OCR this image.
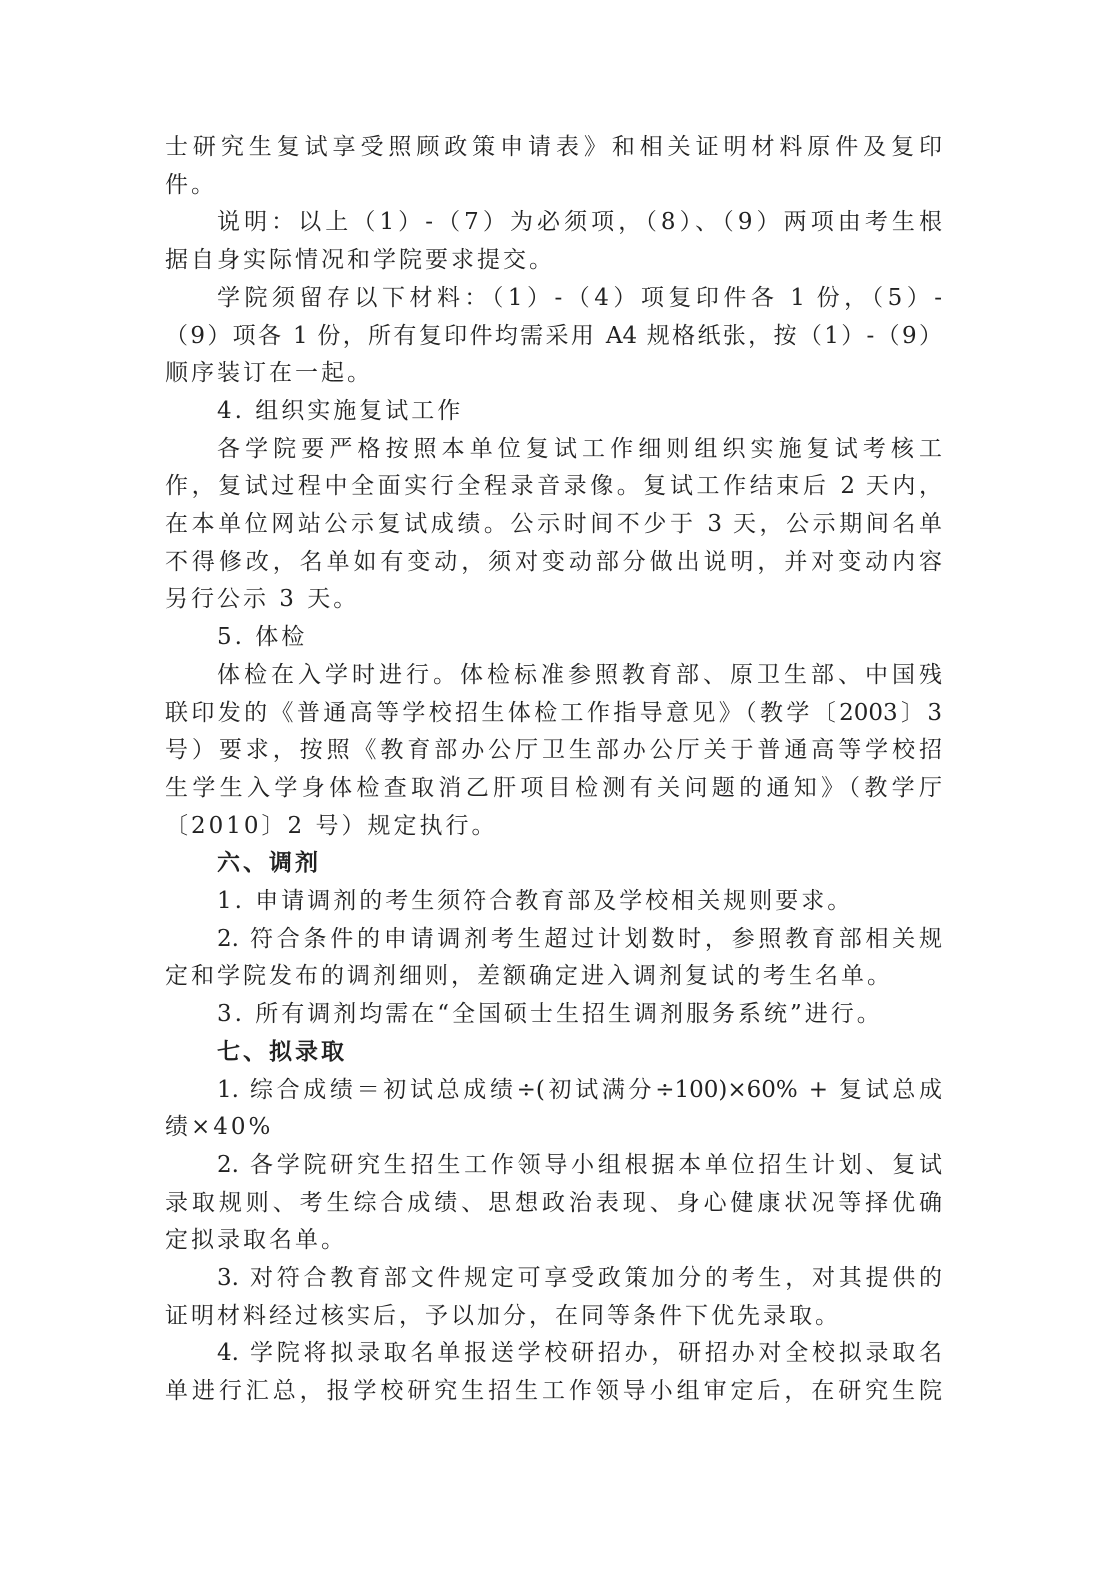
士研究生复试享受照顾政策申请表》和相关证明材料原件及复印
件。
说明：以上（1）-（7）为必须项，（8）、（9）两项由考生根
据自身实际情况和学院要求提交。
学院须留存以下材料：（1）-（4）项复印件各 1 份，（5）-
（9）项各 1 份，所有复印件均需采用 A4 规格纸张，按（1）-（9）
顺序装订在一起。
4. 组织实施复试工作
各学院要严格按照本单位复试工作细则组织实施复试考核工
作，复试过程中全面实行全程录音录像。复试工作结束后 2 天内，
在本单位网站公示复试成绩。公示时间不少于 3 天，公示期间名单
不得修改，名单如有变动，须对变动部分做出说明，并对变动内容
另行公示 3 天。
5. 体检
体检在入学时进行。体检标准参照教育部、原卫生部、中国残
联印发的《普通高等学校招生体检工作指导意见》（教学〔2003〕3
号）要求，按照《教育部办公厅卫生部办公厅关于普通高等学校招
生学生入学身体检查取消乙肝项目检测有关问题的通知》（教学厅
〔2010〕2 号）规定执行。
六、调剂
1. 申请调剂的考生须符合教育部及学校相关规则要求。
2. 符合条件的申请调剂考生超过计划数时，参照教育部相关规
定和学院发布的调剂细则，差额确定进入调剂复试的考生名单。
3. 所有调剂均需在“全国硕士生招生调剂服务系统”进行。
七、拟录取
1. 综合成绩＝初试总成绩÷(初试满分÷100)×60% + 复试总成
绩×40%
2. 各学院研究生招生工作领导小组根据本单位招生计划、复试
录取规则、考生综合成绩、思想政治表现、身心健康状况等择优确
定拟录取名单。
3. 对符合教育部文件规定可享受政策加分的考生，对其提供的
证明材料经过核实后，予以加分，在同等条件下优先录取。
4. 学院将拟录取名单报送学校研招办，研招办对全校拟录取名
单进行汇总，报学校研究生招生工作领导小组审定后，在研究生院
